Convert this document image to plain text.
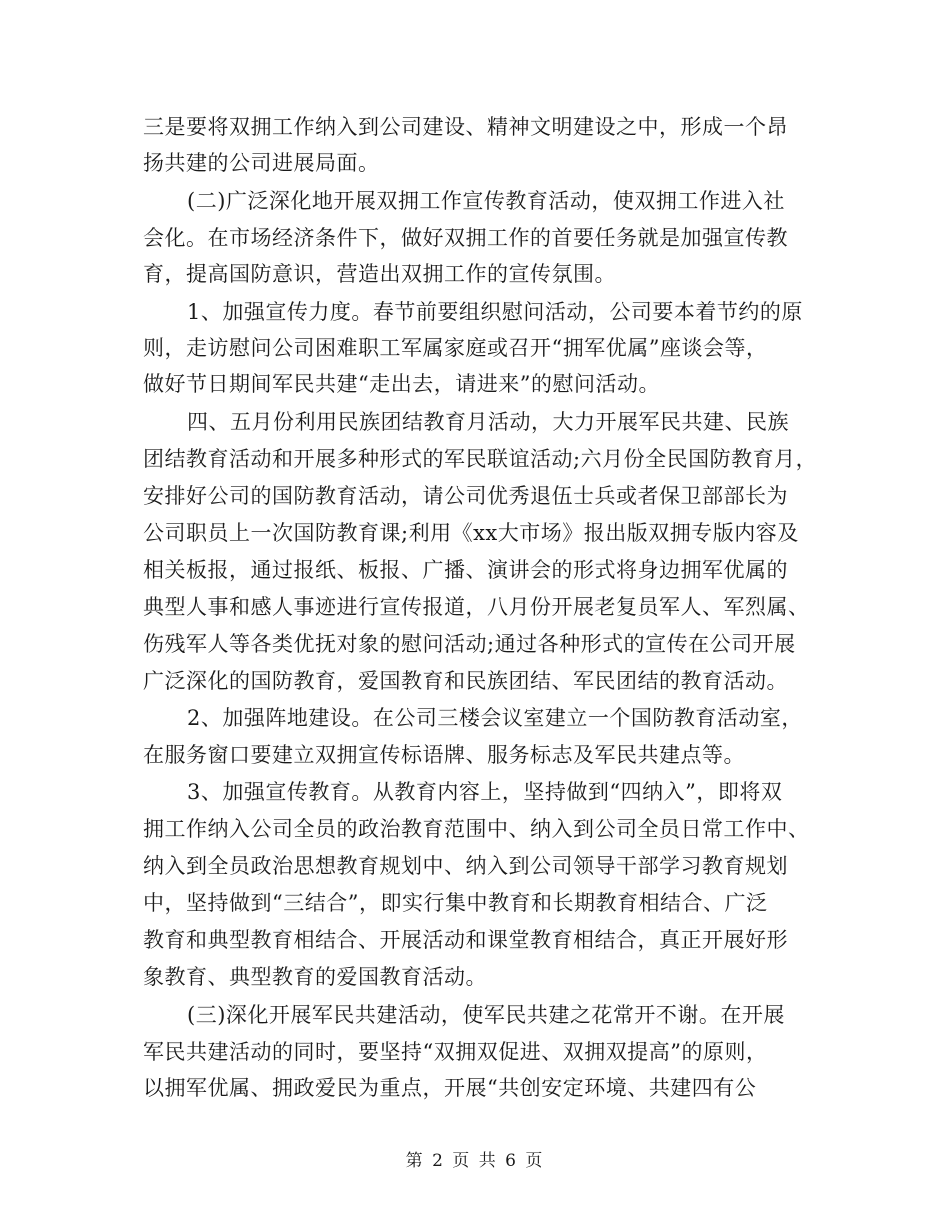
三是要将双拥工作纳入到公司建设、精神文明建设之中，形成一个昂
扬共建的公司进展局面。
(二)广泛深化地开展双拥工作宣传教育活动，使双拥工作进入社
会化。在市场经济条件下，做好双拥工作的首要任务就是加强宣传教
育，提高国防意识，营造出双拥工作的宣传氛围。
1、加强宣传力度。春节前要组织慰问活动，公司要本着节约的原
则，走访慰问公司困难职工军属家庭或召开“拥军优属”座谈会等，
做好节日期间军民共建“走出去，请进来”的慰问活动。
四、五月份利用民族团结教育月活动，大力开展军民共建、民族
团结教育活动和开展多种形式的军民联谊活动;六月份全民国防教育月，
安排好公司的国防教育活动，请公司优秀退伍士兵或者保卫部部长为
公司职员上一次国防教育课;利用《xx大市场》报出版双拥专版内容及
相关板报，通过报纸、板报、广播、演讲会的形式将身边拥军优属的
典型人事和感人事迹进行宣传报道，八月份开展老复员军人、军烈属、
伤残军人等各类优抚对象的慰问活动;通过各种形式的宣传在公司开展
广泛深化的国防教育，爱国教育和民族团结、军民团结的教育活动。
2、加强阵地建设。在公司三楼会议室建立一个国防教育活动室，
在服务窗口要建立双拥宣传标语牌、服务标志及军民共建点等。
3、加强宣传教育。从教育内容上，坚持做到“四纳入”，即将双
拥工作纳入公司全员的政治教育范围中、纳入到公司全员日常工作中、
纳入到全员政治思想教育规划中、纳入到公司领导干部学习教育规划
中，坚持做到“三结合”，即实行集中教育和长期教育相结合、广泛
教育和典型教育相结合、开展活动和课堂教育相结合，真正开展好形
象教育、典型教育的爱国教育活动。
(三)深化开展军民共建活动，使军民共建之花常开不谢。在开展
军民共建活动的同时，要坚持“双拥双促进、双拥双提高”的原则，
以拥军优属、拥政爱民为重点，开展“共创安定环境、共建四有公
第 2 页 共 6 页
